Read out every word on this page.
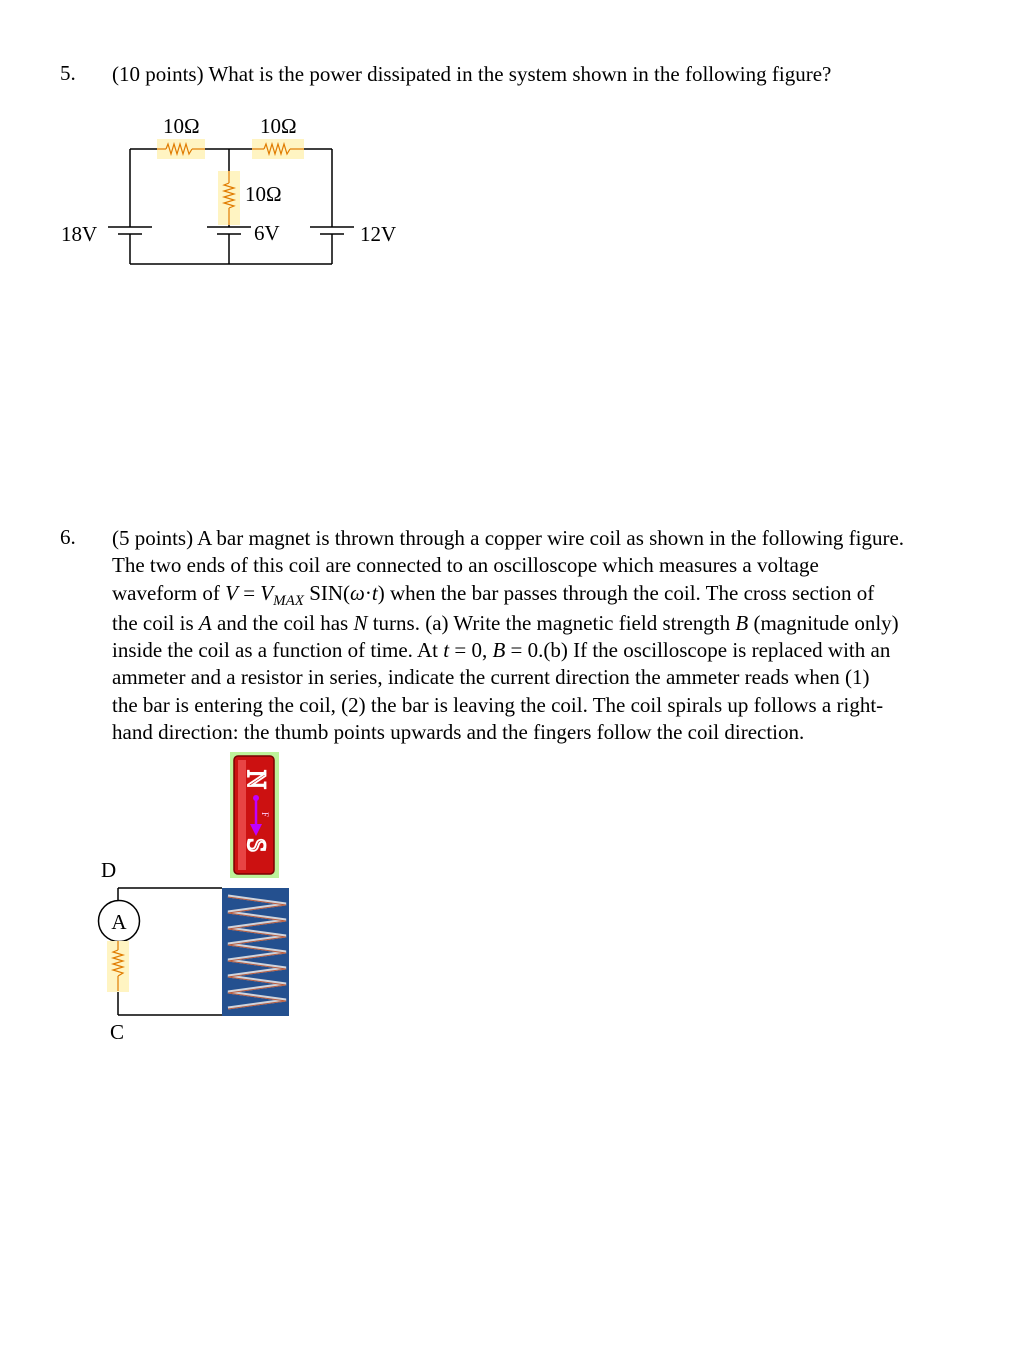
5. (10 points) What is the power dissipated in the system shown in the following figure?

10Ω	10Ω
10Ω
18V	6V	12V
6. (5 points) A bar magnet is thrown through a copper wire coil as shown in the following figure.
The two ends of this coil are connected to an oscilloscope which measures a voltage
waveform of $V = V_{MAX}$ SIN(ω·t) when the bar passes through the coil. The cross section of
the coil is A and the coil has N turns. (a) Write the magnetic field strength B (magnitude only)
inside the coil as a function of time. At t = 0, B = 0.(b) If the oscilloscope is replaced with an
ammeter and a resistor in series, indicate the current direction the ammeter reads when (1)
the bar is entering the coil, (2) the bar is leaving the coil. The coil spirals up follows a right-
hand direction: the thumb points upwards and the fingers follow the coil direction.
N
S
F
A
D
C
